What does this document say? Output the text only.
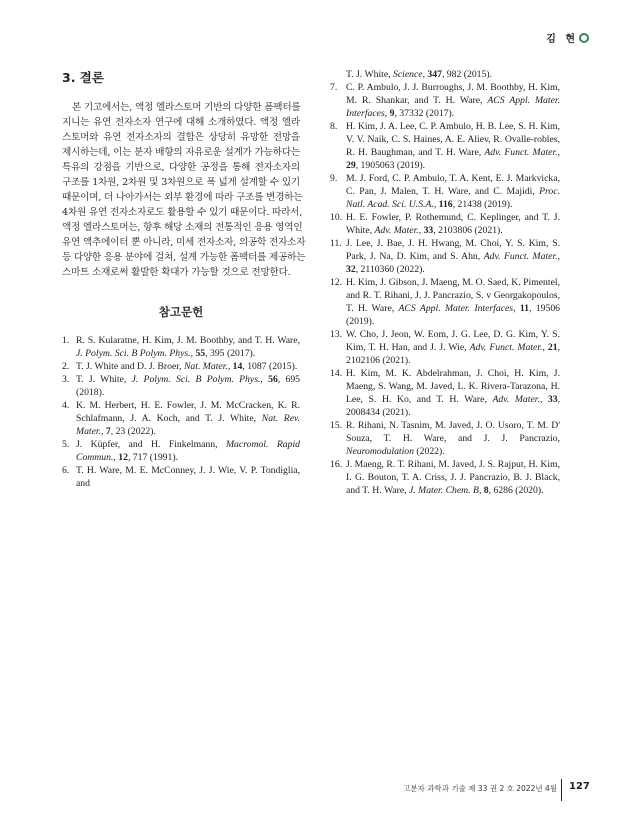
김 현
3. 결론

본 기고에서는, 액정 엘라스토머 기반의 다양한 폼팩터를

지니는 유연 전자소자 연구에 대해 소개하였다. 액정 엘라

스토머와 유연 전자소자의 결합은 상당히 유망한 전망을

제시하는데, 이는 분자 배향의 자유로운 설계가 가능하다는

특유의 강점을 기반으로, 다양한 공정을 통해 전자소자의

구조를 1차원, 2차원 및 3차원으로 폭 넓게 설계할 수 있기

때문이며, 더 나아가서는 외부 환경에 따라 구조를 변경하는

4차원 유연 전자소자로도 활용할 수 있기 때문이다. 따라서,

액정 엘라스토머는, 향후 해당 소재의 전통적인 응용 영역인

유연 액추에이터 뿐 아니라, 미세 전자소자, 의공학 전자소자

등 다양한 응용 분야에 걸쳐, 설계 가능한 폼팩터를 제공하는

스마트 소재로써 활발한 확대가 가능할 것으로 전망한다.

참고문헌
1. R. S. Kularatne, H. Kim, J. M. Boothby, and T. H. Ware, J. Polym. Sci. B Polym. Phys., 55, 395 (2017).
2. T. J. White and D. J. Broer, Nat. Mater., 14, 1087 (2015).
3. T. J. White, J. Polym. Sci. B Polym. Phys., 56, 695 (2018).
4. K. M. Herbert, H. E. Fowler, J. M. McCracken, K. R. Schlafmann, J. A. Koch, and T. J. White, Nat. Rev. Mater., 7, 23 (2022).
5. J. Küpfer, and H. Finkelmann, Macromol. Rapid Commun., 12, 717 (1991).
6. T. H. Ware, M. E. McConney, J. J. Wie, V. P. Tondiglia, and
T. J. White, Science, 347, 982 (2015).
7. C. P. Ambulo, J. J. Burroughs, J. M. Boothby, H. Kim, M. R. Shankar, and T. H. Ware, ACS Appl. Mater. Interfaces, 9, 37332 (2017).
8. H. Kim, J. A. Lee, C. P. Ambulo, H. B. Lee, S. H. Kim, V. V. Naik, C. S. Haines, A. E. Aliev, R. Ovalle-robles, R. H. Baughman, and T. H. Ware, Adv. Funct. Mater., 29, 1905063 (2019).
9. M. J. Ford, C. P. Ambulo, T. A. Kent, E. J. Markvicka, C. Pan, J. Malen, T. H. Ware, and C. Majidi, Proc. Natl. Acad. Sci. U.S.A., 116, 21438 (2019).
10. H. E. Fowler, P. Rothemund, C. Keplinger, and T. J. White, Adv. Mater., 33, 2103806 (2021).
11. J. Lee, J. Bae, J. H. Hwang, M. Choi, Y. S. Kim, S. Park, J. Na, D. Kim, and S. Ahn, Adv. Funct. Mater., 32, 2110360 (2022).
12. H. Kim, J. Gibson, J. Maeng, M. O. Saed, K. Pimentel, and R. T. Rihani, J. J. Pancrazio, S. v Georgakopoulos, T. H. Ware, ACS Appl. Mater. Interfaces, 11, 19506 (2019).
13. W. Cho, J. Jeon, W. Eom, J. G. Lee, D. G. Kim, Y. S. Kim, T. H. Han, and J. J. Wie, Adv. Funct. Mater., 21, 2102106 (2021).
14. H. Kim, M. K. Abdelrahman, J. Choi, H. Kim, J. Maeng, S. Wang, M. Javed, L. K. Rivera-Tarazona, H. Lee, S. H. Ko, and T. H. Ware, Adv. Mater., 33, 2008434 (2021).
15. R. Rihani, N. Tasnim, M. Javed, J. O. Usoro, T. M. D' Souza, T. H. Ware, and J. J. Pancrazio, Neuromodulation (2022).
16. J. Maeng, R. T. Rihani, M. Javed, J. S. Rajput, H. Kim, I. G. Bouton, T. A. Criss, J. J. Pancrazio, B. J. Black, and T. H. Ware, J. Mater. Chem. B, 8, 6286 (2020).
고분자 과학과 기술 제 33 권 2 호 2022년 4월 127
